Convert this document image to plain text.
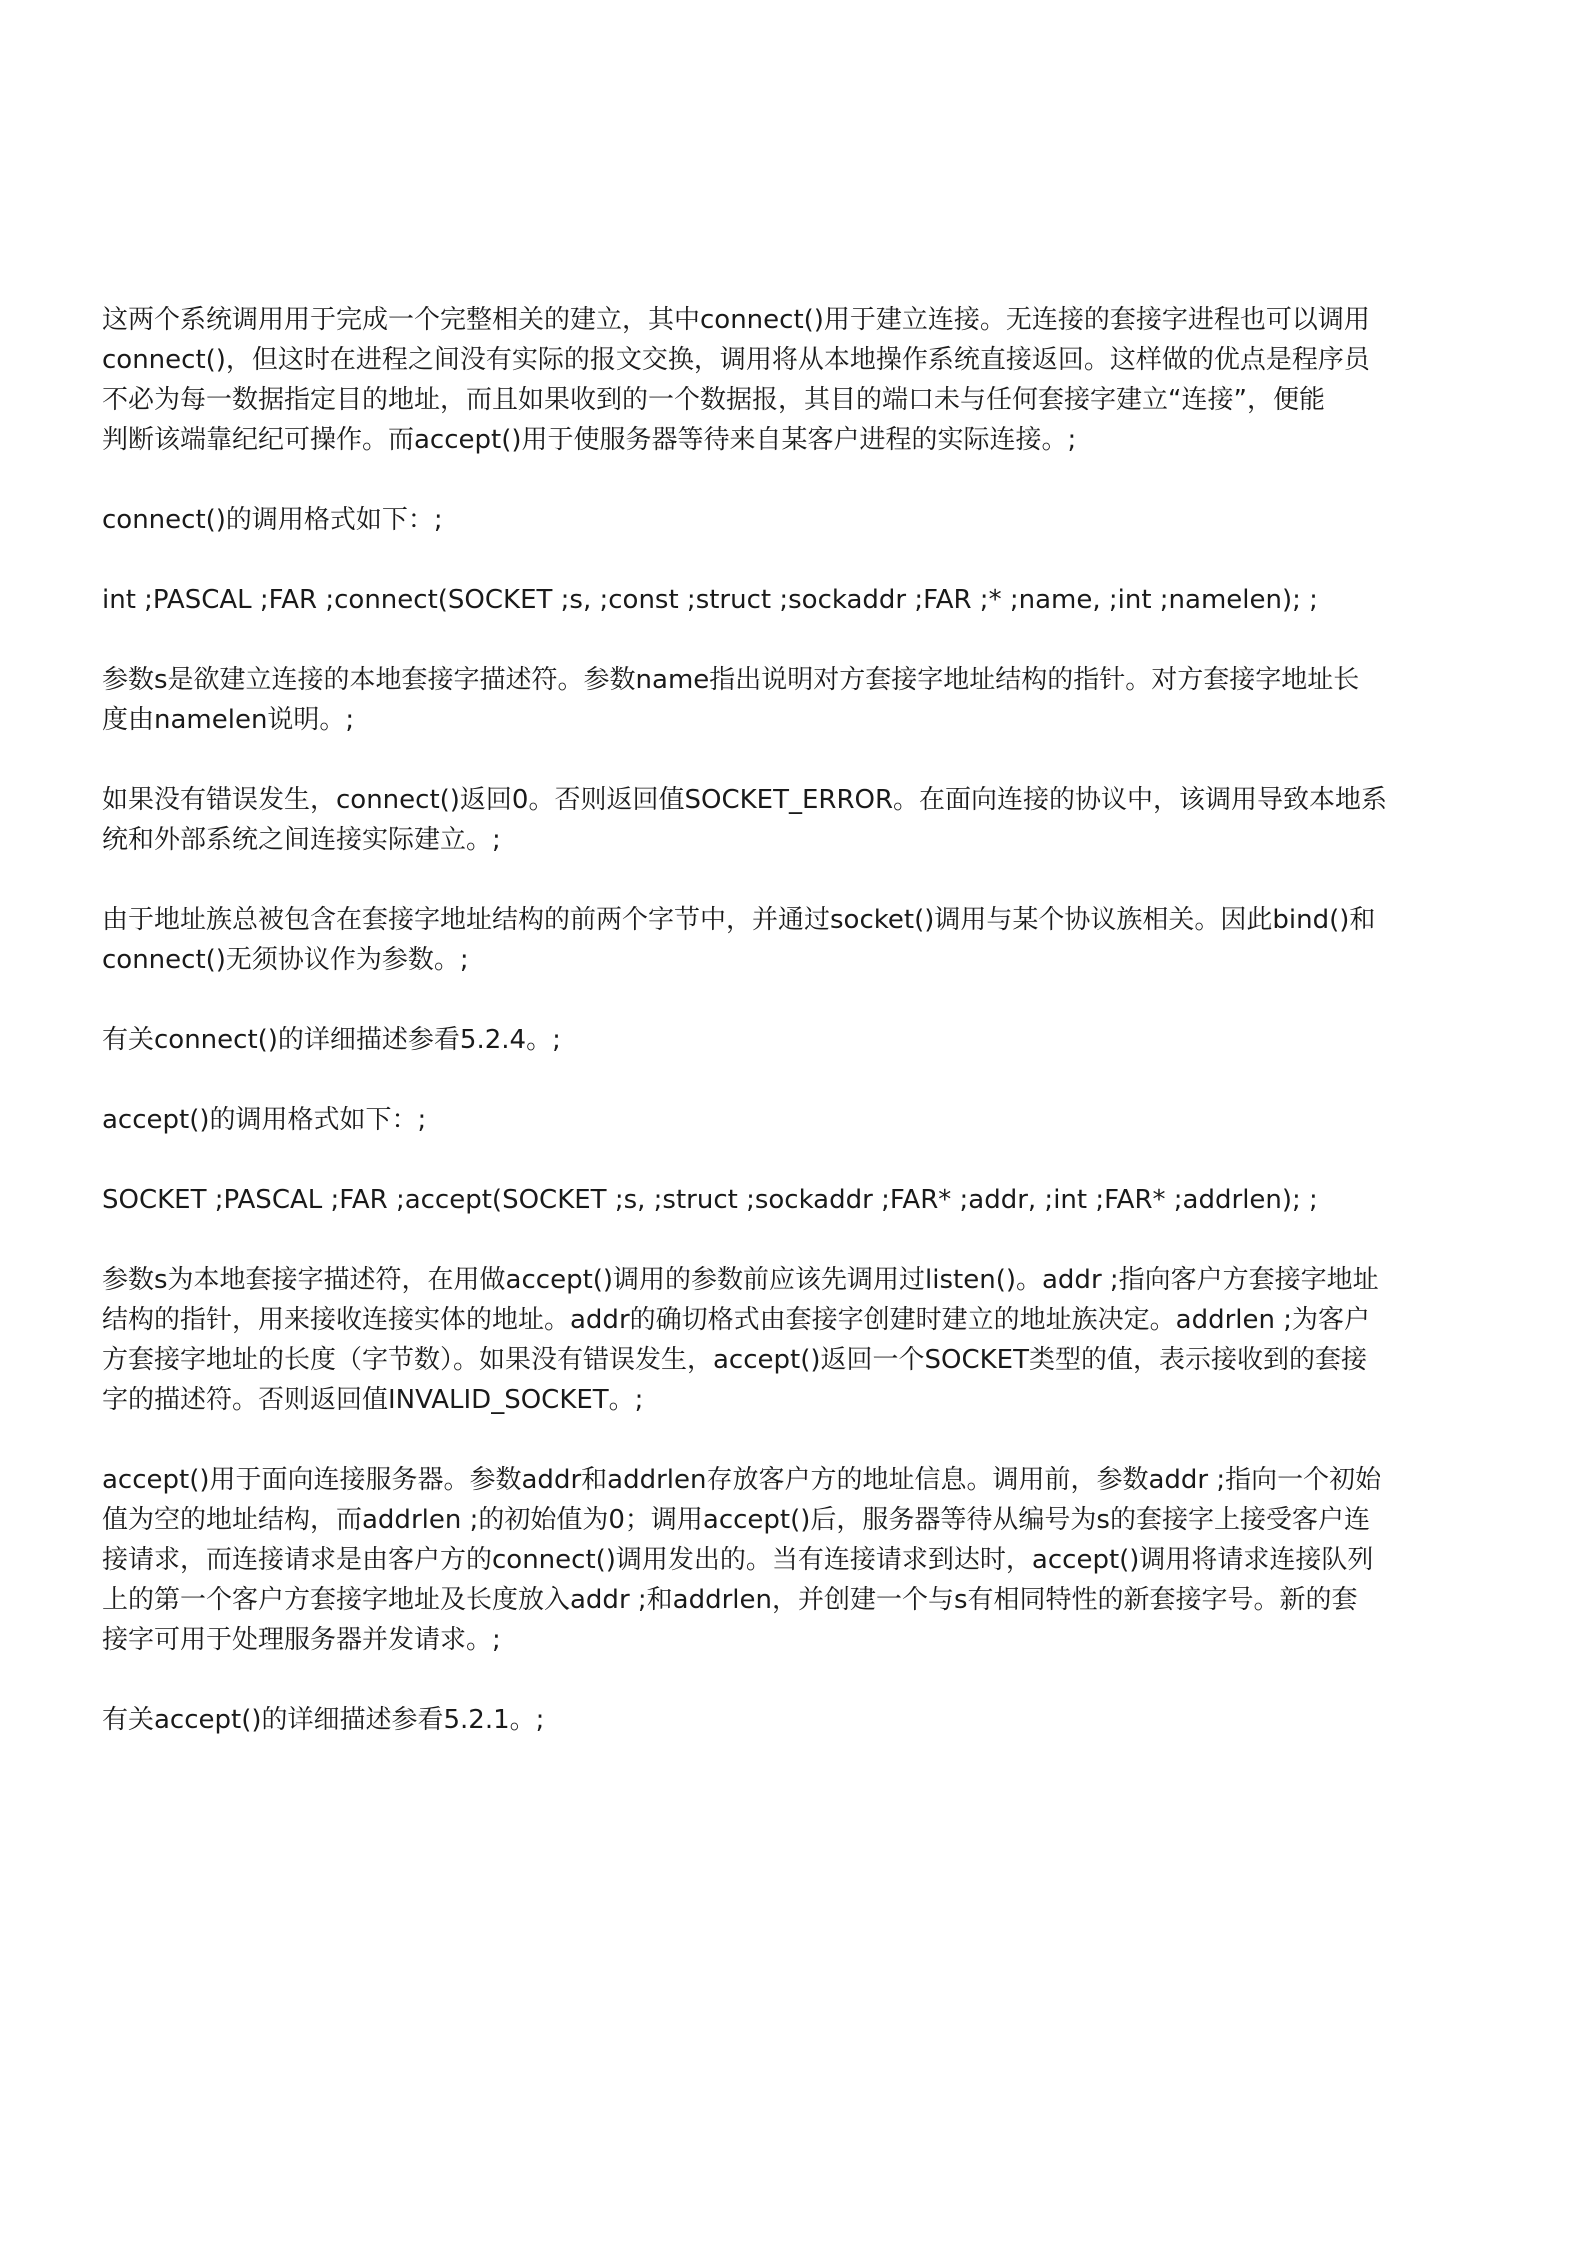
这两个系统调用用于完成一个完整相关的建立，其中connect()用于建立连接。无连接的套接字进程也可以调用
connect()，但这时在进程之间没有实际的报文交换，调用将从本地操作系统直接返回。这样做的优点是程序员
不必为每一数据指定目的地址，而且如果收到的一个数据报，其目的端口未与任何套接字建立“连接”，便能
判断该端靠纪纪可操作。而accept()用于使服务器等待来自某客户进程的实际连接。;

connect()的调用格式如下：;

int ;PASCAL ;FAR ;connect(SOCKET ;s, ;const ;struct ;sockaddr ;FAR ;* ;name, ;int ;namelen); ;

参数s是欲建立连接的本地套接字描述符。参数name指出说明对方套接字地址结构的指针。对方套接字地址长
度由namelen说明。;

如果没有错误发生，connect()返回0。否则返回值SOCKET_ERROR。在面向连接的协议中，该调用导致本地系
统和外部系统之间连接实际建立。;

由于地址族总被包含在套接字地址结构的前两个字节中，并通过socket()调用与某个协议族相关。因此bind()和
connect()无须协议作为参数。;

有关connect()的详细描述参看5.2.4。;

accept()的调用格式如下：;

SOCKET ;PASCAL ;FAR ;accept(SOCKET ;s, ;struct ;sockaddr ;FAR* ;addr, ;int ;FAR* ;addrlen); ;

参数s为本地套接字描述符，在用做accept()调用的参数前应该先调用过listen()。addr ;指向客户方套接字地址
结构的指针，用来接收连接实体的地址。addr的确切格式由套接字创建时建立的地址族决定。addrlen ;为客户
方套接字地址的长度（字节数）。如果没有错误发生，accept()返回一个SOCKET类型的值，表示接收到的套接
字的描述符。否则返回值INVALID_SOCKET。;

accept()用于面向连接服务器。参数addr和addrlen存放客户方的地址信息。调用前，参数addr ;指向一个初始
值为空的地址结构，而addrlen ;的初始值为0；调用accept()后，服务器等待从编号为s的套接字上接受客户连
接请求，而连接请求是由客户方的connect()调用发出的。当有连接请求到达时，accept()调用将请求连接队列
上的第一个客户方套接字地址及长度放入addr ;和addrlen，并创建一个与s有相同特性的新套接字号。新的套
接字可用于处理服务器并发请求。;

有关accept()的详细描述参看5.2.1。;
